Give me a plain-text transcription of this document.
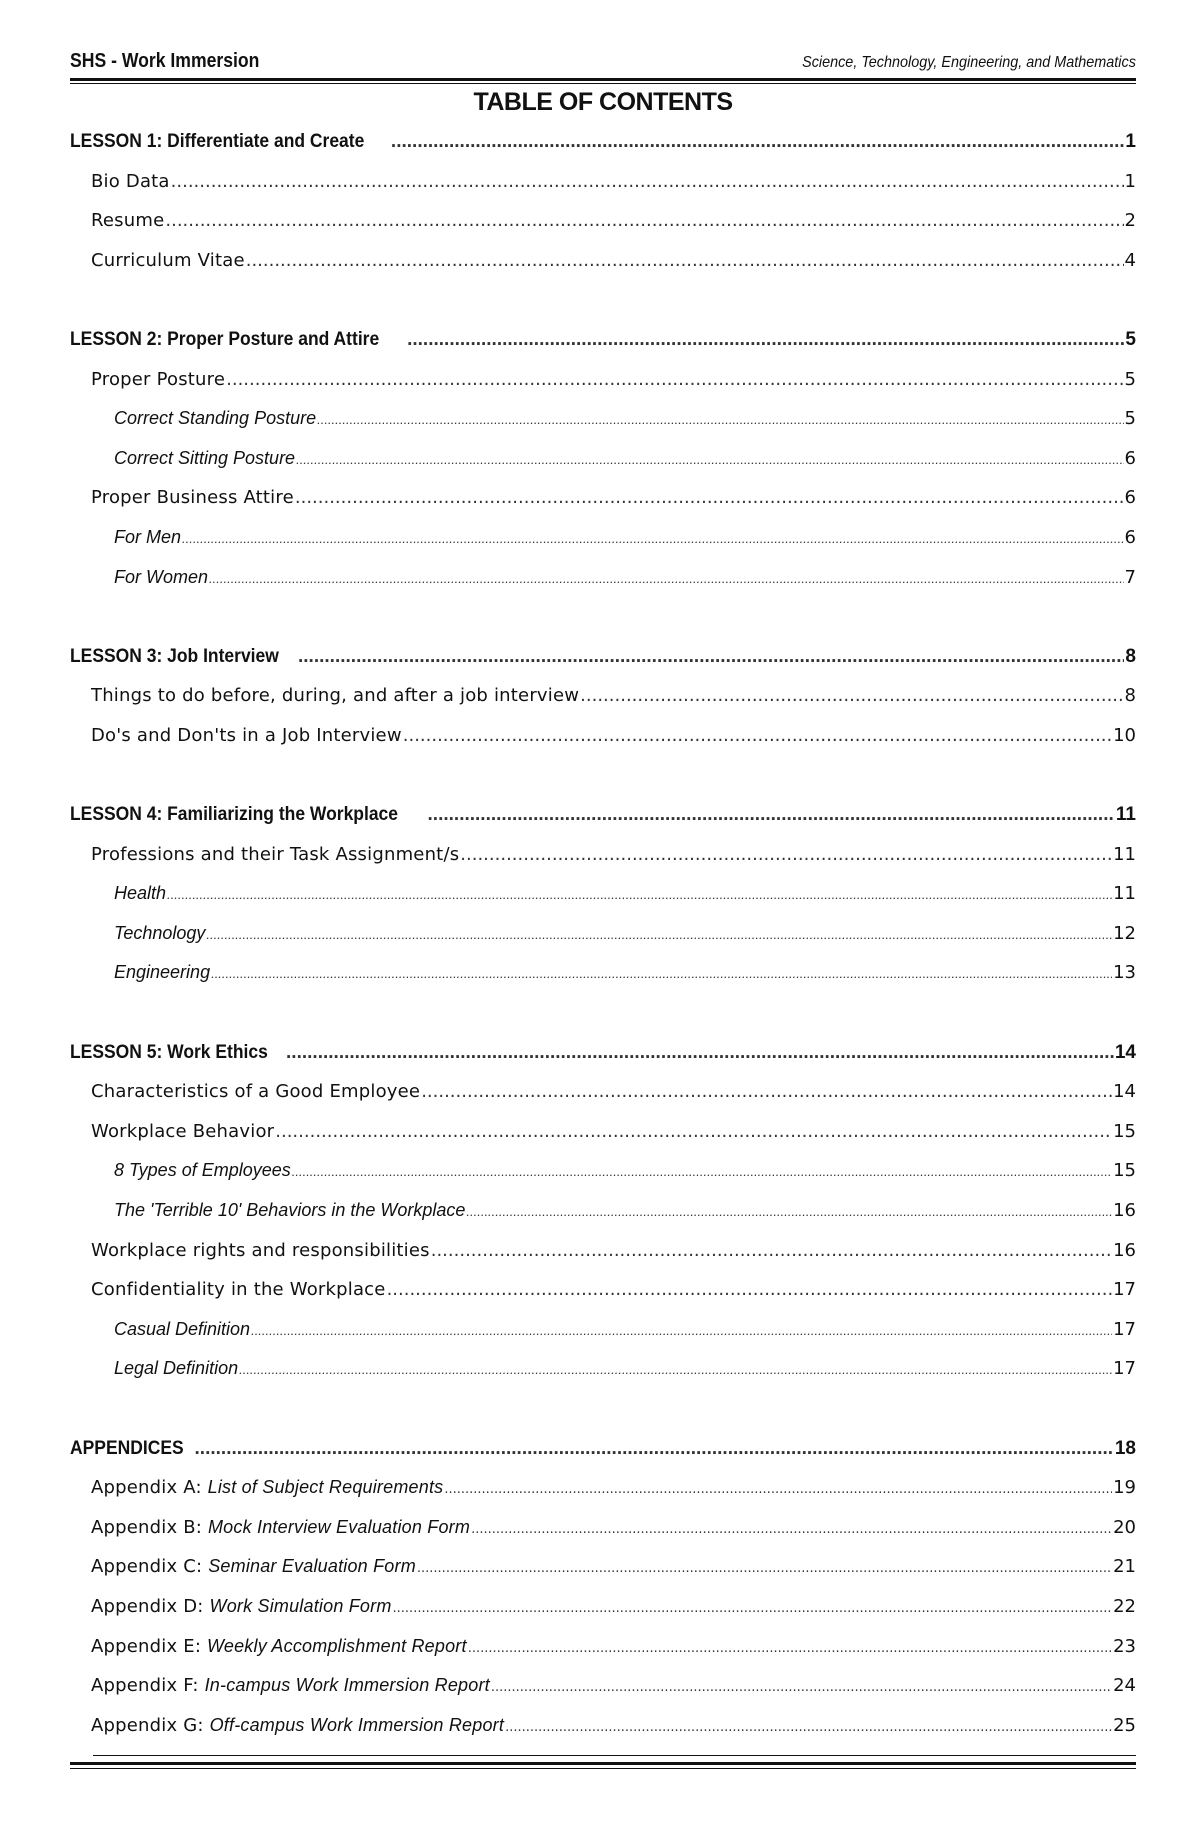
SHS - Work Immersion	Science, Technology, Engineering, and Mathematics
TABLE OF CONTENTS
LESSON 1: Differentiate and Create .....	1
Bio Data .....	1
Resume .....	2
Curriculum Vitae .....	4
LESSON 2: Proper Posture and Attire .....	5
Proper Posture .....	5
Correct Standing Posture .....	5
Correct Sitting Posture .....	6
Proper Business Attire .....	6
For Men .....	6
For Women .....	7
LESSON 3: Job Interview .....	8
Things to do before, during, and after a job interview .....	8
Do's and Don'ts in a Job Interview .....	10
LESSON 4: Familiarizing the Workplace .....	11
Professions and their Task Assignment/s .....	11
Health .....	11
Technology .....	12
Engineering .....	13
LESSON 5: Work Ethics .....	14
Characteristics of a Good Employee .....	14
Workplace Behavior .....	15
8 Types of Employees .....	15
The 'Terrible 10' Behaviors in the Workplace .....	16
Workplace rights and responsibilities .....	16
Confidentiality in the Workplace .....	17
Casual Definition .....	17
Legal Definition .....	17
APPENDICES .....	18
Appendix A: List of Subject Requirements .....	19
Appendix B: Mock Interview Evaluation Form .....	20
Appendix C: Seminar Evaluation Form .....	21
Appendix D: Work Simulation Form .....	22
Appendix E: Weekly Accomplishment Report .....	23
Appendix F: In-campus Work Immersion Report .....	24
Appendix G: Off-campus Work Immersion Report .....	25
